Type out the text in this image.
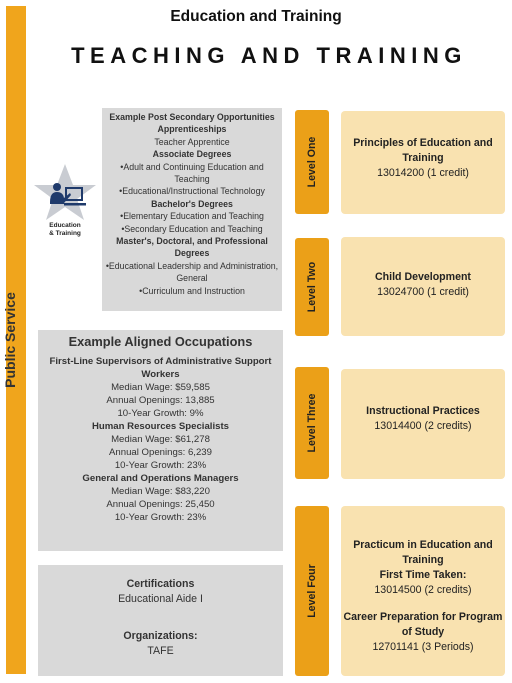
Public Service
Education and Training
TEACHING AND TRAINING
Education
& Training
Example Post Secondary Opportunities
Apprenticeships
Teacher Apprentice
Associate Degrees
•Adult and Continuing Education and Teaching
•Educational/Instructional Technology
Bachelor's Degrees
•Elementary Education and Teaching
•Secondary Education and Teaching
Master's, Doctoral, and Professional Degrees
•Educational Leadership and Administration, General
•Curriculum and Instruction
Example Aligned Occupations
First-Line Supervisors of Administrative Support Workers
Median Wage: $59,585
Annual Openings: 13,885
10-Year Growth: 9%
Human Resources Specialists
Median Wage: $61,278
Annual Openings: 6,239
10-Year Growth: 23%
General and Operations Managers
Median Wage: $83,220
Annual Openings: 25,450
10-Year Growth: 23%
Certifications
Educational Aide I
Organizations:
TAFE
Level One	Principles of Education and Training
13014200 (1 credit)
Level Two	Child Development
13024700 (1 credit)
Level Three	Instructional Practices
13014400 (2 credits)
Level Four
Practicum in Education and Training
First Time Taken:
13014500 (2 credits)
Career Preparation for Program of Study
12701141 (3 Periods)
